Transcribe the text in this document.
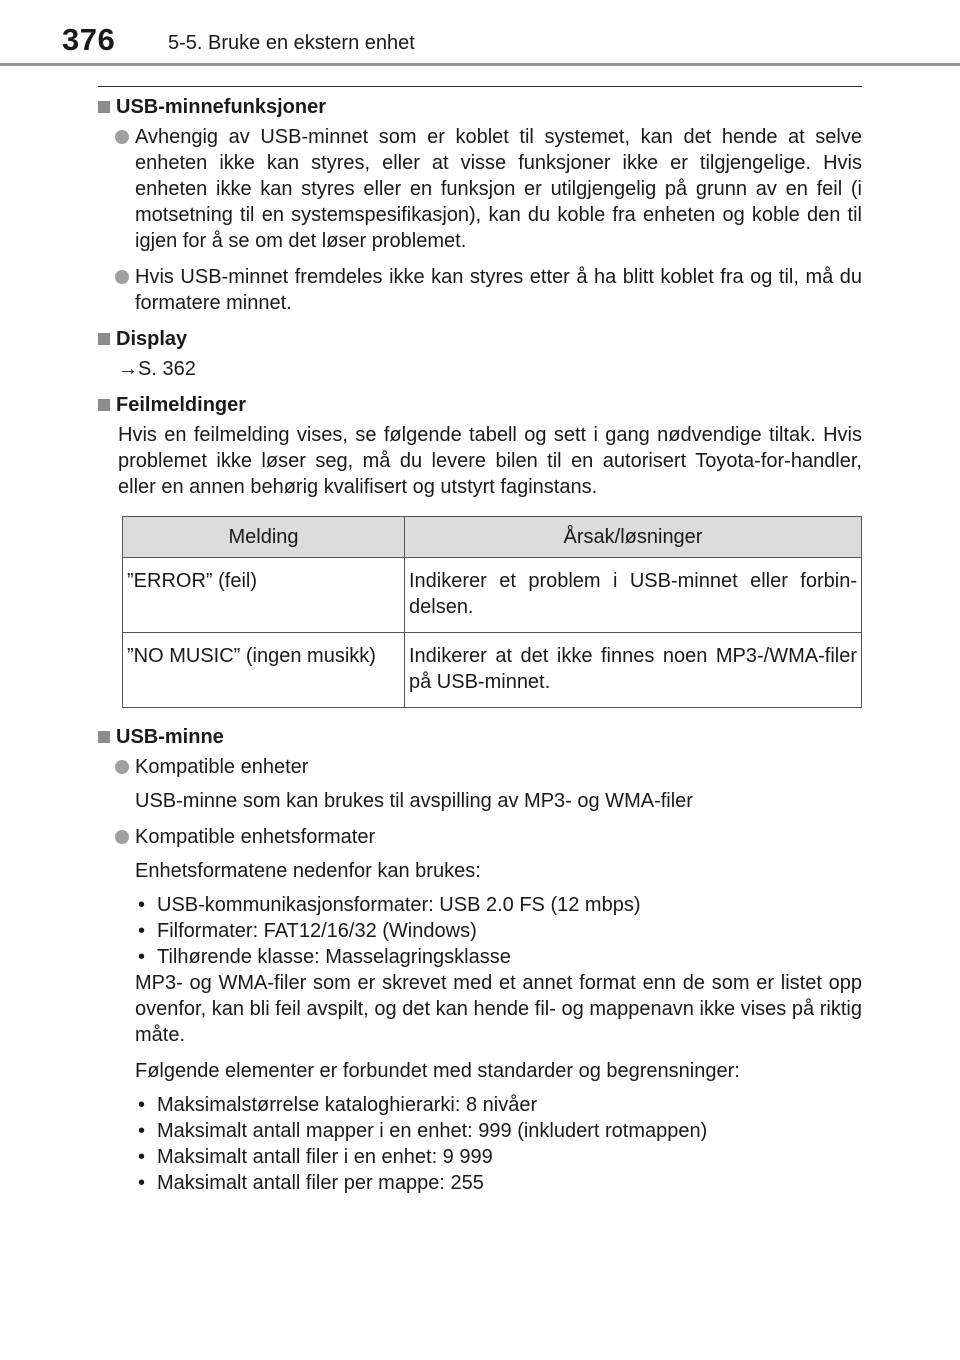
376	5-5. Bruke en ekstern enhet

USB-minnefunksjoner

Avhengig av USB-minnet som er koblet til systemet, kan det hende at selve enheten ikke kan styres, eller at visse funksjoner ikke er tilgjengelige. Hvis enheten ikke kan styres eller en funksjon er utilgjengelig på grunn av en feil (i motsetning til en systemspesifikasjon), kan du koble fra enheten og koble den til igjen for å se om det løser problemet.

Hvis USB-minnet fremdeles ikke kan styres etter å ha blitt koblet fra og til, må du formatere minnet.

Display

→S. 362

Feilmeldinger

Hvis en feilmelding vises, se følgende tabell og sett i gang nødvendige tiltak. Hvis problemet ikke løser seg, må du levere bilen til en autorisert Toyota-for-handler, eller en annen behørig kvalifisert og utstyrt faginstans.

Melding	Årsak/løsninger
”ERROR” (feil)	Indikerer et problem i USB-minnet eller forbin-delsen.
”NO MUSIC” (ingen musikk)	Indikerer at det ikke finnes noen MP3-/WMA-filer på USB-minnet.

USB-minne

Kompatible enheter

USB-minne som kan brukes til avspilling av MP3- og WMA-filer

Kompatible enhetsformater

Enhetsformatene nedenfor kan brukes:

• USB-kommunikasjonsformater: USB 2.0 FS (12 mbps)
• Filformater: FAT12/16/32 (Windows)
• Tilhørende klasse: Masselagringsklasse

MP3- og WMA-filer som er skrevet med et annet format enn de som er listet opp ovenfor, kan bli feil avspilt, og det kan hende fil- og mappenavn ikke vises på riktig måte.

Følgende elementer er forbundet med standarder og begrensninger:

• Maksimalstørrelse kataloghierarki: 8 nivåer
• Maksimalt antall mapper i en enhet: 999 (inkludert rotmappen)
• Maksimalt antall filer i en enhet: 9 999
• Maksimalt antall filer per mappe: 255
